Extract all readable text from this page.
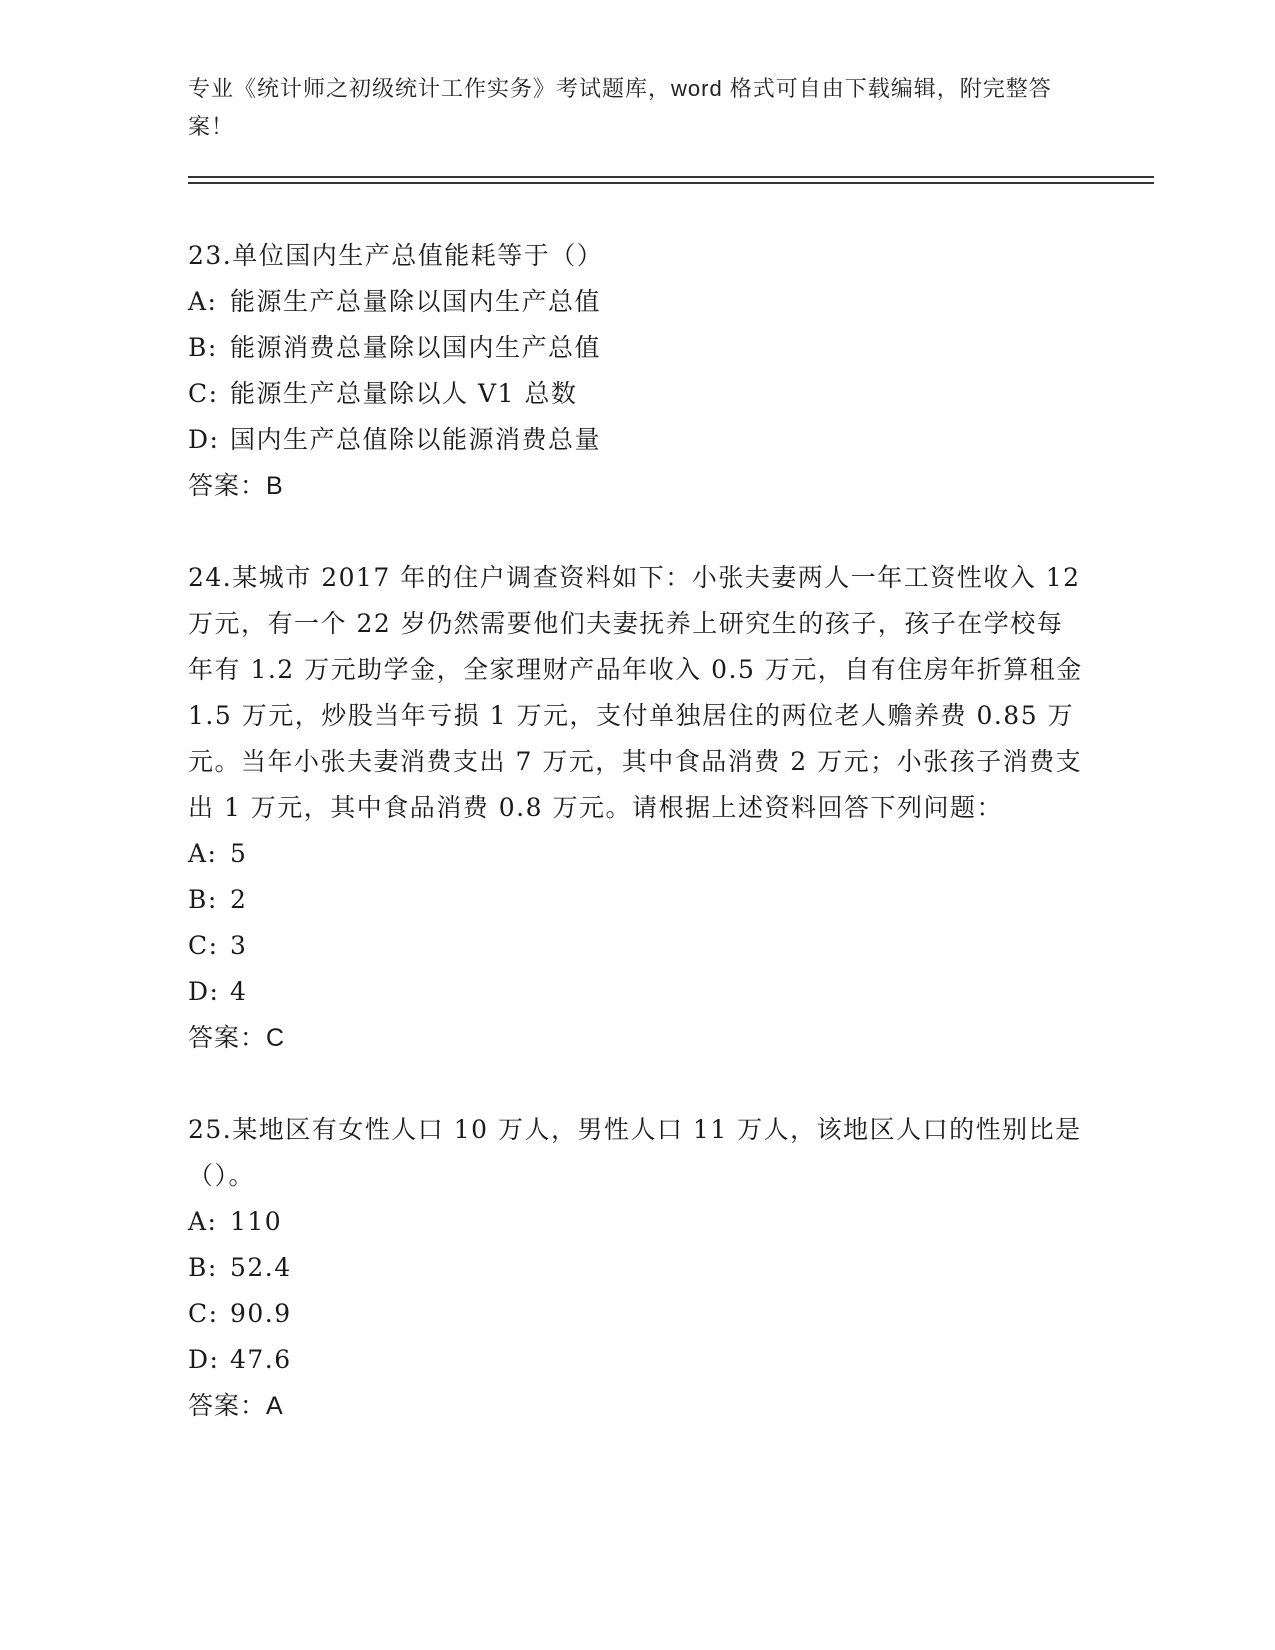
专业《统计师之初级统计工作实务》考试题库，word 格式可自由下载编辑，附完整答案！

23.单位国内生产总值能耗等于（）

A: 能源生产总量除以国内生产总值

B: 能源消费总量除以国内生产总值

C: 能源生产总量除以人 V1 总数

D: 国内生产总值除以能源消费总量

答案：B

24.某城市 2017 年的住户调查资料如下：小张夫妻两人一年工资性收入 12 万元，有一个 22 岁仍然需要他们夫妻抚养上研究生的孩子，孩子在学校每年有 1.2 万元助学金，全家理财产品年收入 0.5 万元，自有住房年折算租金 1.5 万元，炒股当年亏损 1 万元，支付单独居住的两位老人赡养费 0.85 万元。当年小张夫妻消费支出 7 万元，其中食品消费 2 万元；小张孩子消费支出 1 万元，其中食品消费 0.8 万元。请根据上述资料回答下列问题：

A: 5

B: 2

C: 3

D: 4

答案：C

25.某地区有女性人口 10 万人，男性人口 11 万人，该地区人口的性别比是（）。

A: 110

B: 52.4

C: 90.9

D: 47.6

答案：A
